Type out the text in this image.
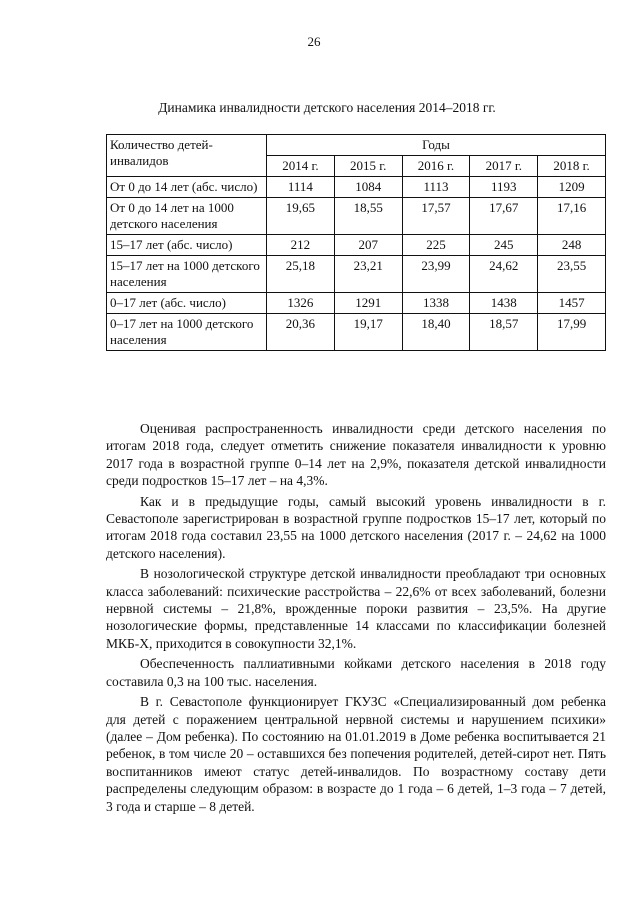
26
Динамика инвалидности детского населения 2014–2018 гг.
Количество детей-инвалидов	Годы				
	2014 г.	2015 г.	2016 г.	2017 г.	2018 г.
От 0 до 14 лет (абс. число)	1114	1084	1113	1193	1209
От 0 до 14 лет на 1000 детского населения	19,65	18,55	17,57	17,67	17,16
15–17 лет (абс. число)	212	207	225	245	248
15–17 лет на 1000 детского населения	25,18	23,21	23,99	24,62	23,55
0–17 лет (абс. число)	1326	1291	1338	1438	1457
0–17 лет на 1000 детского населения	20,36	19,17	18,40	18,57	17,99

Оценивая распространенность инвалидности среди детского населения по итогам 2018 года, следует отметить снижение показателя инвалидности к уровню 2017 года в возрастной группе 0–14 лет на 2,9%, показателя детской инвалидности среди подростков 15–17 лет – на 4,3%.

Как и в предыдущие годы, самый высокий уровень инвалидности в г. Севастополе зарегистрирован в возрастной группе подростков 15–17 лет, который по итогам 2018 года составил 23,55 на 1000 детского населения (2017 г. – 24,62 на 1000 детского населения).

В нозологической структуре детской инвалидности преобладают три основных класса заболеваний: психические расстройства – 22,6% от всех заболеваний, болезни нервной системы – 21,8%, врожденные пороки развития – 23,5%. На другие нозологические формы, представленные 14 классами по классификации болезней МКБ-Х, приходится в совокупности 32,1%.

Обеспеченность паллиативными койками детского населения в 2018 году составила 0,3 на 100 тыс. населения.

В г. Севастополе функционирует ГКУЗС «Специализированный дом ребенка для детей с поражением центральной нервной системы и нарушением психики» (далее – Дом ребенка). По состоянию на 01.01.2019 в Доме ребенка воспитывается 21 ребенок, в том числе 20 – оставшихся без попечения родителей, детей-сирот нет. Пять воспитанников имеют статус детей-инвалидов. По возрастному составу дети распределены следующим образом: в возрасте до 1 года – 6 детей, 1–3 года – 7 детей, 3 года и старше – 8 детей.
